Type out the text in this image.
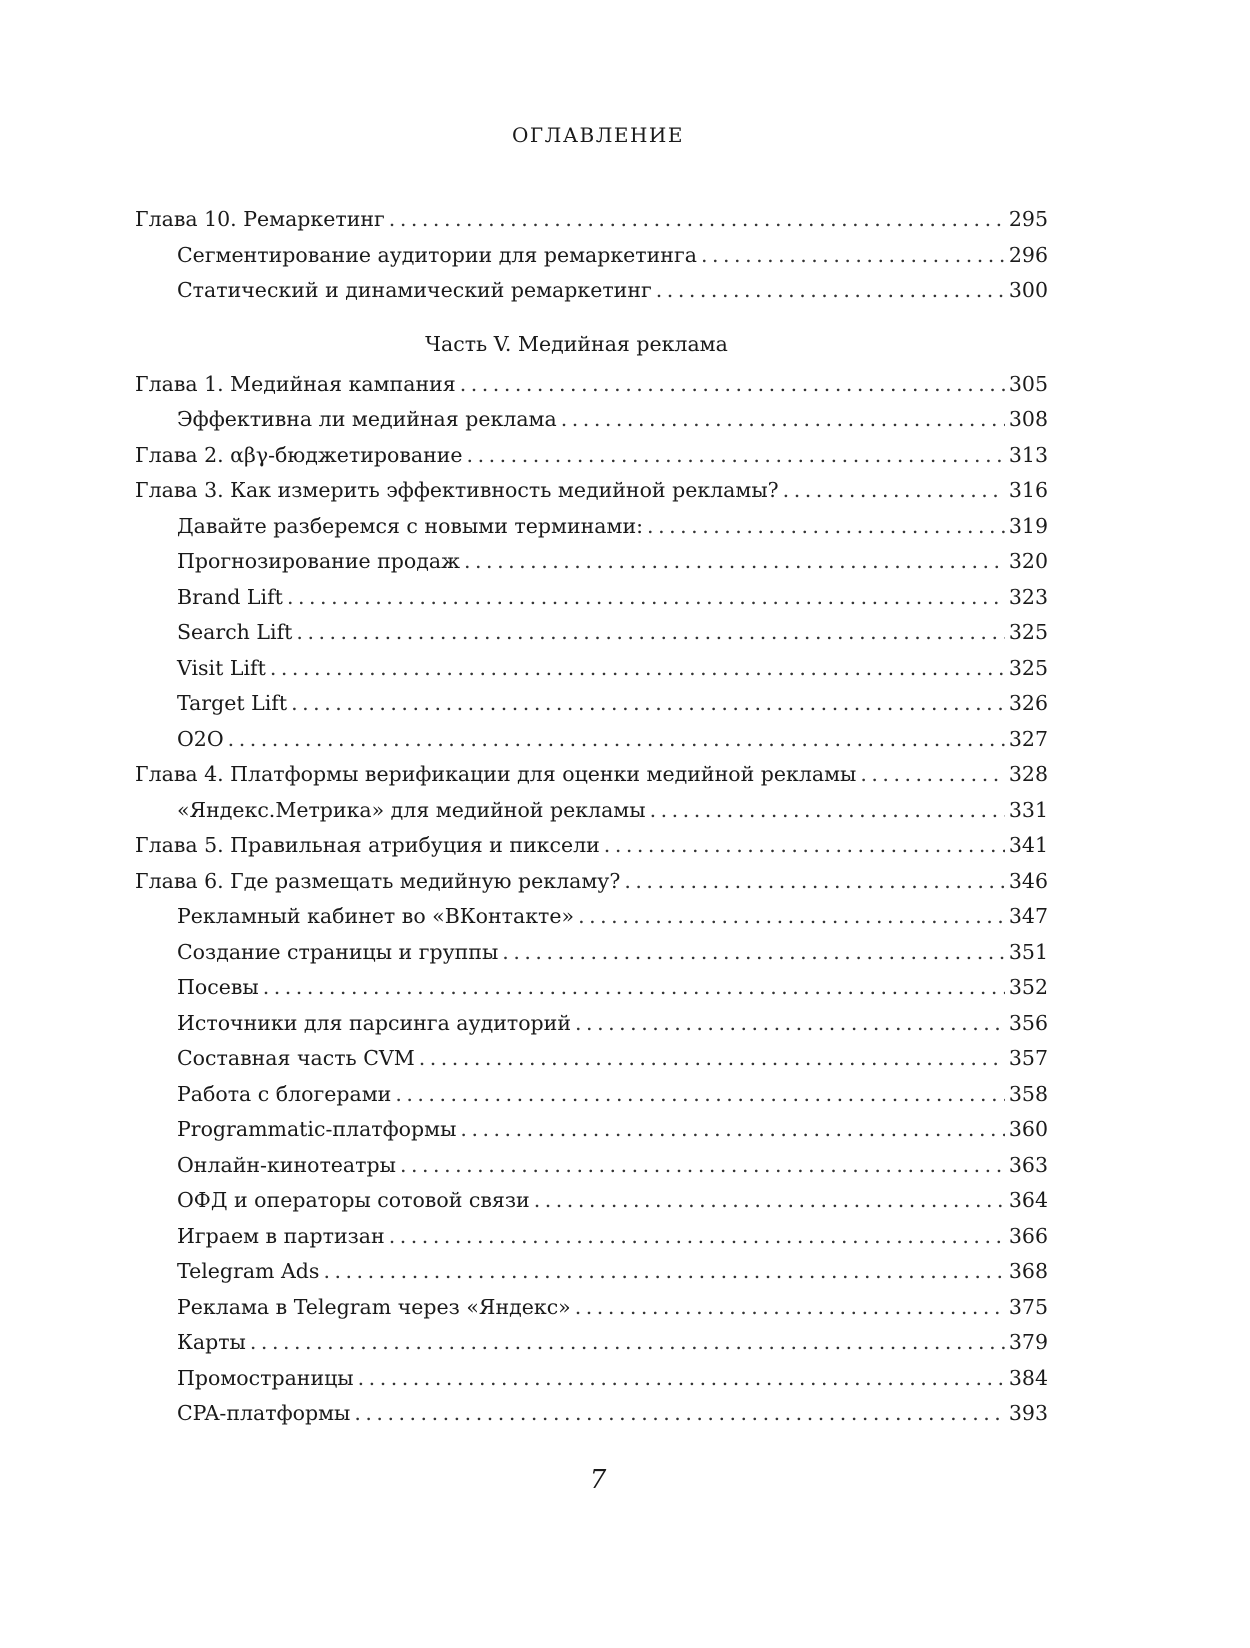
ОГЛАВЛЕНИЕ
Глава 10. Ремаркетинг . . .	295
Сегментирование аудитории для ремаркетинга . . .	296
Статический и динамический ремаркетинг . . .	300
Часть V. Медийная реклама
Глава 1. Медийная кампания . . .	305
Эффективна ли медийная реклама . . .	308
Глава 2. αβγ-бюджетирование . . .	313
Глава 3. Как измерить эффективность медийной рекламы? . . .	316
Давайте разберемся с новыми терминами: . . .	319
Прогнозирование продаж . . .	320
Brand Lift . . .	323
Search Lift . . .	325
Visit Lift . . .	325
Target Lift . . .	326
O2O . . .	327
Глава 4. Платформы верификации для оценки медийной рекламы . . .	328
«Яндекс.Метрика» для медийной рекламы . . .	331
Глава 5. Правильная атрибуция и пиксели . . .	341
Глава 6. Где размещать медийную рекламу? . . .	346
Рекламный кабинет во «ВКонтакте» . . .	347
Создание страницы и группы . . .	351
Посевы . . .	352
Источники для парсинга аудиторий . . .	356
Составная часть CVM . . .	357
Работа с блогерами . . .	358
Programmatic-платформы . . .	360
Онлайн-кинотеатры . . .	363
ОФД и операторы сотовой связи . . .	364
Играем в партизан . . .	366
Telegram Ads . . .	368
Реклама в Telegram через «Яндекс» . . .	375
Карты . . .	379
Промостраницы . . .	384
CPA-платформы . . .	393
7
